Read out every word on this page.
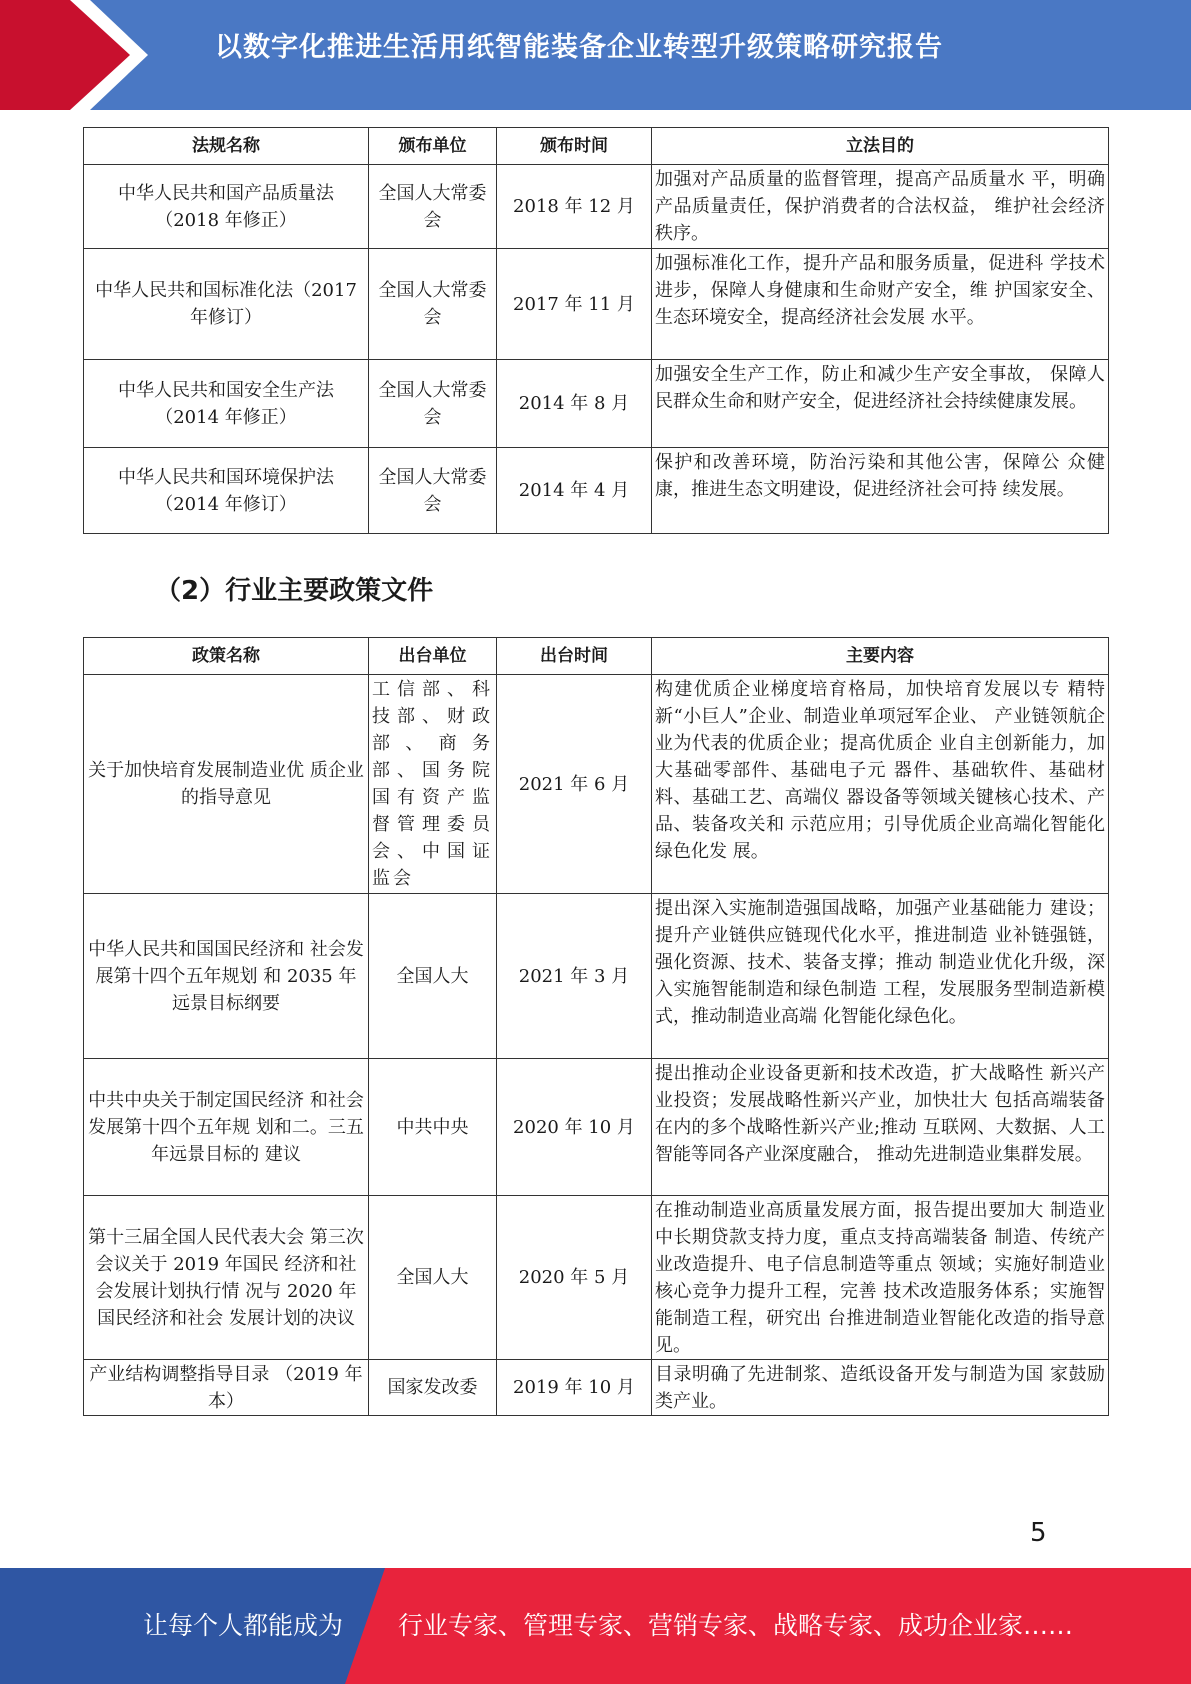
以数字化推进生活用纸智能装备企业转型升级策略研究报告
法规名称	颁布单位	颁布时间	立法目的
中华人民共和国产品质量法（2018 年修正）	全国人大常委会	2018 年 12 月	加强对产品质量的监督管理，提高产品质量水 平，明确产品质量责任，保护消费者的合法权益， 维护社会经济秩序。
中华人民共和国标准化法（2017 年修订）	全国人大常委会	2017 年 11 月	加强标准化工作，提升产品和服务质量，促进科 学技术进步，保障人身健康和生命财产安全，维 护国家安全、生态环境安全，提高经济社会发展 水平。
中华人民共和国安全生产法（2014 年修正）	全国人大常委会	2014 年 8 月	加强安全生产工作，防止和减少生产安全事故， 保障人民群众生命和财产安全，促进经济社会持续健康发展。
中华人民共和国环境保护法（2014 年修订）	全国人大常委会	2014 年 4 月	保护和改善环境，防治污染和其他公害，保障公 众健康，推进生态文明建设，促进经济社会可持 续发展。
（2）行业主要政策文件
政策名称	出台单位	出台时间	主要内容
关于加快培育发展制造业优 质企业的指导意见	工信部、科技部、财政部、商务部、国务院国有资产监督管理委员会、中国证监会	2021 年 6 月	构建优质企业梯度培育格局，加快培育发展以专 精特新“小巨人”企业、制造业单项冠军企业、 产业链领航企业为代表的优质企业；提高优质企 业自主创新能力，加大基础零部件、基础电子元 器件、基础软件、基础材料、基础工艺、高端仪 器设备等领域关键核心技术、产品、装备攻关和 示范应用；引导优质企业高端化智能化绿色化发 展。
中华人民共和国国民经济和 社会发展第十四个五年规划 和 2035 年远景目标纲要	全国人大	2021 年 3 月	提出深入实施制造强国战略，加强产业基础能力 建设；提升产业链供应链现代化水平，推进制造 业补链强链，强化资源、技术、装备支撑；推动 制造业优化升级，深入实施智能制造和绿色制造 工程，发展服务型制造新模式，推动制造业高端 化智能化绿色化。
中共中央关于制定国民经济 和社会发展第十四个五年规 划和二。三五年远景目标的 建议	中共中央	2020 年 10 月	提出推动企业设备更新和技术改造，扩大战略性 新兴产业投资；发展战略性新兴产业，加快壮大 包括高端装备在内的多个战略性新兴产业;推动 互联网、大数据、人工智能等同各产业深度融合， 推动先进制造业集群发展。
第十三届全国人民代表大会 第三次会议关于 2019 年国民 经济和社会发展计划执行情 况与 2020 年国民经济和社会 发展计划的决议	全国人大	2020 年 5 月	在推动制造业高质量发展方面，报告提出要加大 制造业中长期贷款支持力度，重点支持高端装备 制造、传统产业改造提升、电子信息制造等重点 领域；实施好制造业核心竞争力提升工程，完善 技术改造服务体系；实施智能制造工程，研究出 台推进制造业智能化改造的指导意见。
产业结构调整指导目录 （2019 年本）	国家发改委	2019 年 10 月	目录明确了先进制浆、造纸设备开发与制造为国 家鼓励类产业。
5
让每个人都能成为 行业专家、管理专家、营销专家、战略专家、成功企业家……
